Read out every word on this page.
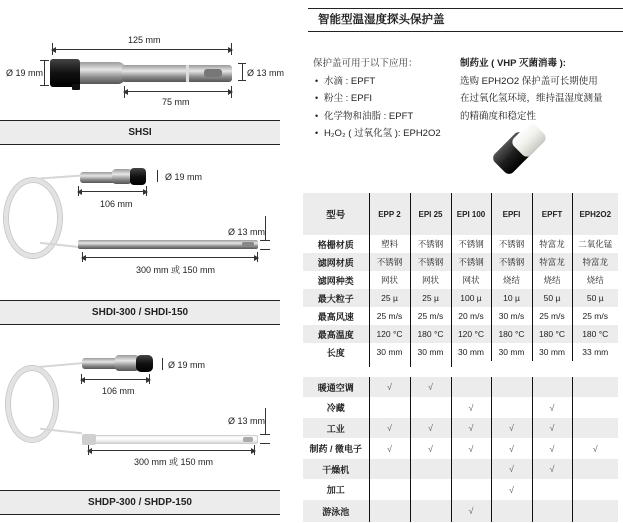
125 mm
Ø 19 mm	Ø 13 mm
75 mm
SHSI
Ø 19 mm
106 mm
Ø 13 mm
300 mm 或 150 mm
SHDI-300 / SHDI-150
Ø 19 mm
106 mm
Ø 13 mm
300 mm 或 150 mm
SHDP-300 / SHDP-150
智能型温湿度探头保护盖
保护盖可用于以下应用：
• 水滴 : EPFT
• 粉尘 : EPFI
• 化学物和油脂 : EPFT
• H₂O₂ ( 过氧化氢 ): EPH2O2
制药业 ( VHP 灭菌消毒 ):
选购 EPH2O2 保护盖可长期使用
在过氧化氢环境，维持温湿度测量
的精确度和稳定性
型号	EPP 2	EPI 25	EPI 100	EPFI	EPFT	EPH2O2
格栅材质	塑料	不锈钢	不锈钢	不锈钢	特富龙	二氧化锰
滤网材质	不锈钢	不锈钢	不锈钢	不锈钢	特富龙	特富龙
滤网种类	网状	网状	网状	烧结	烧结	烧结
最大粒子	25 µ	25 µ	100 µ	10 µ	50 µ	50 µ
最高风速	25 m/s	25 m/s	20 m/s	30 m/s	25 m/s	25 m/s
最高温度	120 °C	180 °C	120 °C	180 °C	180 °C	180 °C
长度	30 mm	30 mm	30 mm	30 mm	30 mm	33 mm
暖通空调	√	√				
冷藏			√		√	
工业	√	√	√	√	√	
制药 / 微电子	√	√	√	√	√	√
干燥机				√	√	
加工				√		
游泳池			√			
